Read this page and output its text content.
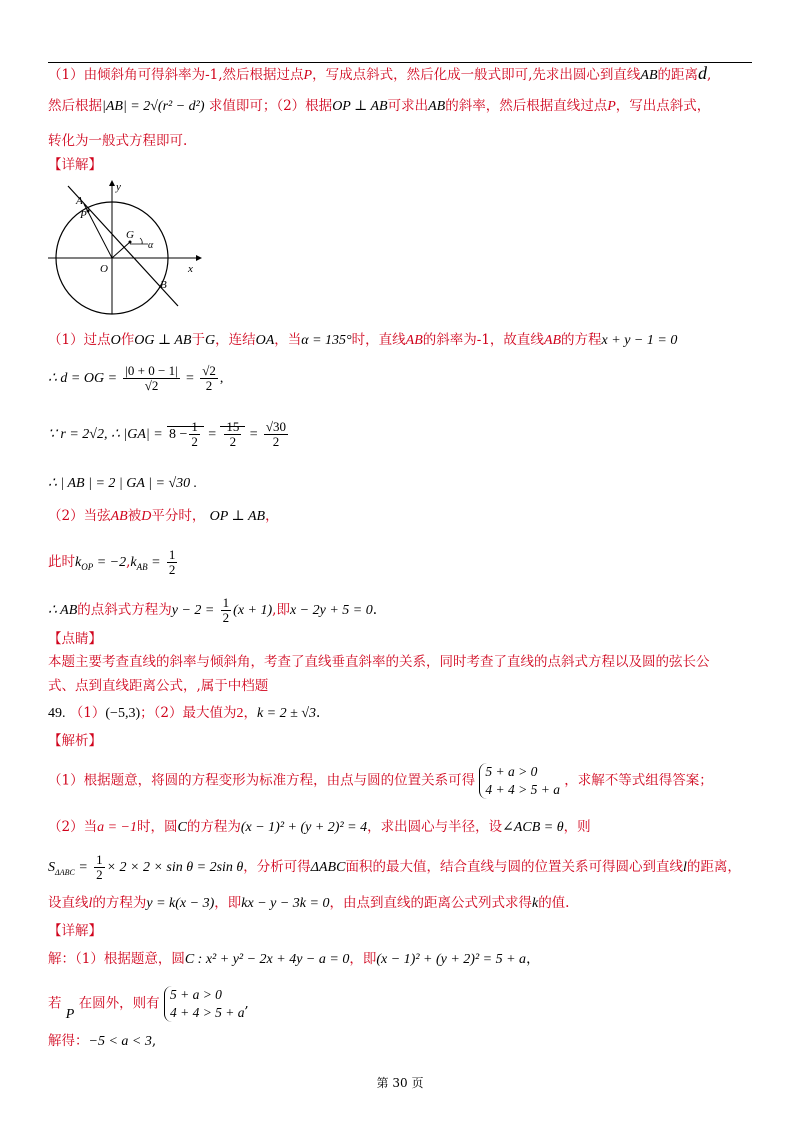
（1）由倾斜角可得斜率为-1,然后根据过点P，写成点斜式，然后化成一般式即可,先求出圆心到直线AB的距离d,
然后根据|AB| = 2√(r² − d²) 求值即可；（2）根据OP ⊥ AB可求出AB的斜率，然后根据直线过点P，写出点斜式，
转化为一般式方程即可.
【详解】
y
x
A
P
G
α
O
B
（1）过点O作OG ⊥ AB于G，连结OA，当α = 135°时，直线AB的斜率为-1，故直线AB的方程x + y − 1 = 0
∴ d = OG = $\frac{|0 + 0 - 1|}{√2} = \frac{√2}{2}$ ,
∵ r = 2√2, ∴ $|GA| = 8 - \frac{1}{2} = \frac{15}{2} = \frac{√30}{2}$
∴ | AB | = 2 | GA | = √30 .
（2）当弦AB被D平分时， OP ⊥ AB，
此时$k_{OP} = -2,k_{AB} = \frac{1}{2}$
∴ AB的点斜式方程为$y - 2 = \frac{1}{2} (x + 1)$,即x − 2y + 5 = 0.
【点睛】
本题主要考查直线的斜率与倾斜角，考查了直线垂直斜率的关系，同时考查了直线的点斜式方程以及圆的弦长公
式、点到直线距离公式，,属于中档题
49. （1）(−5,3)；（2）最大值为2，k = 2 ± √3.
【解析】
（1）根据题意，将圆的方程变形为标准方程，由点与圆的位置关系可得
5 + a > 0
4 + 4 > 5 + a
，求解不等式组得答案；
（2）当a = −1时，圆C的方程为(x − 1)² + (y + 2)² = 4，求出圆心与半径，设∠ACB = θ，则
$S_{\Delta ABC} = \frac{1}{2} \times 2 \times 2 \times \sin \theta = 2\sin$ θ，分析可得ΔABC面积的最大值，结合直线与圆的位置关系可得圆心到直线l的距离，
设直线l的方程为y = k(x − 3)，即kx − y − 3k = 0，由点到直线的距离公式列式求得k的值.
【详解】
解：（1）根据题意，圆C : x² + y² − 2x + 4y − a = 0，即(x − 1)² + (y + 2)² = 5 + a，
若 P 在圆外，则有
5 + a > 0
4 + 4 > 5 + a
,
解得：−5 < a < 3,
第 30 页
